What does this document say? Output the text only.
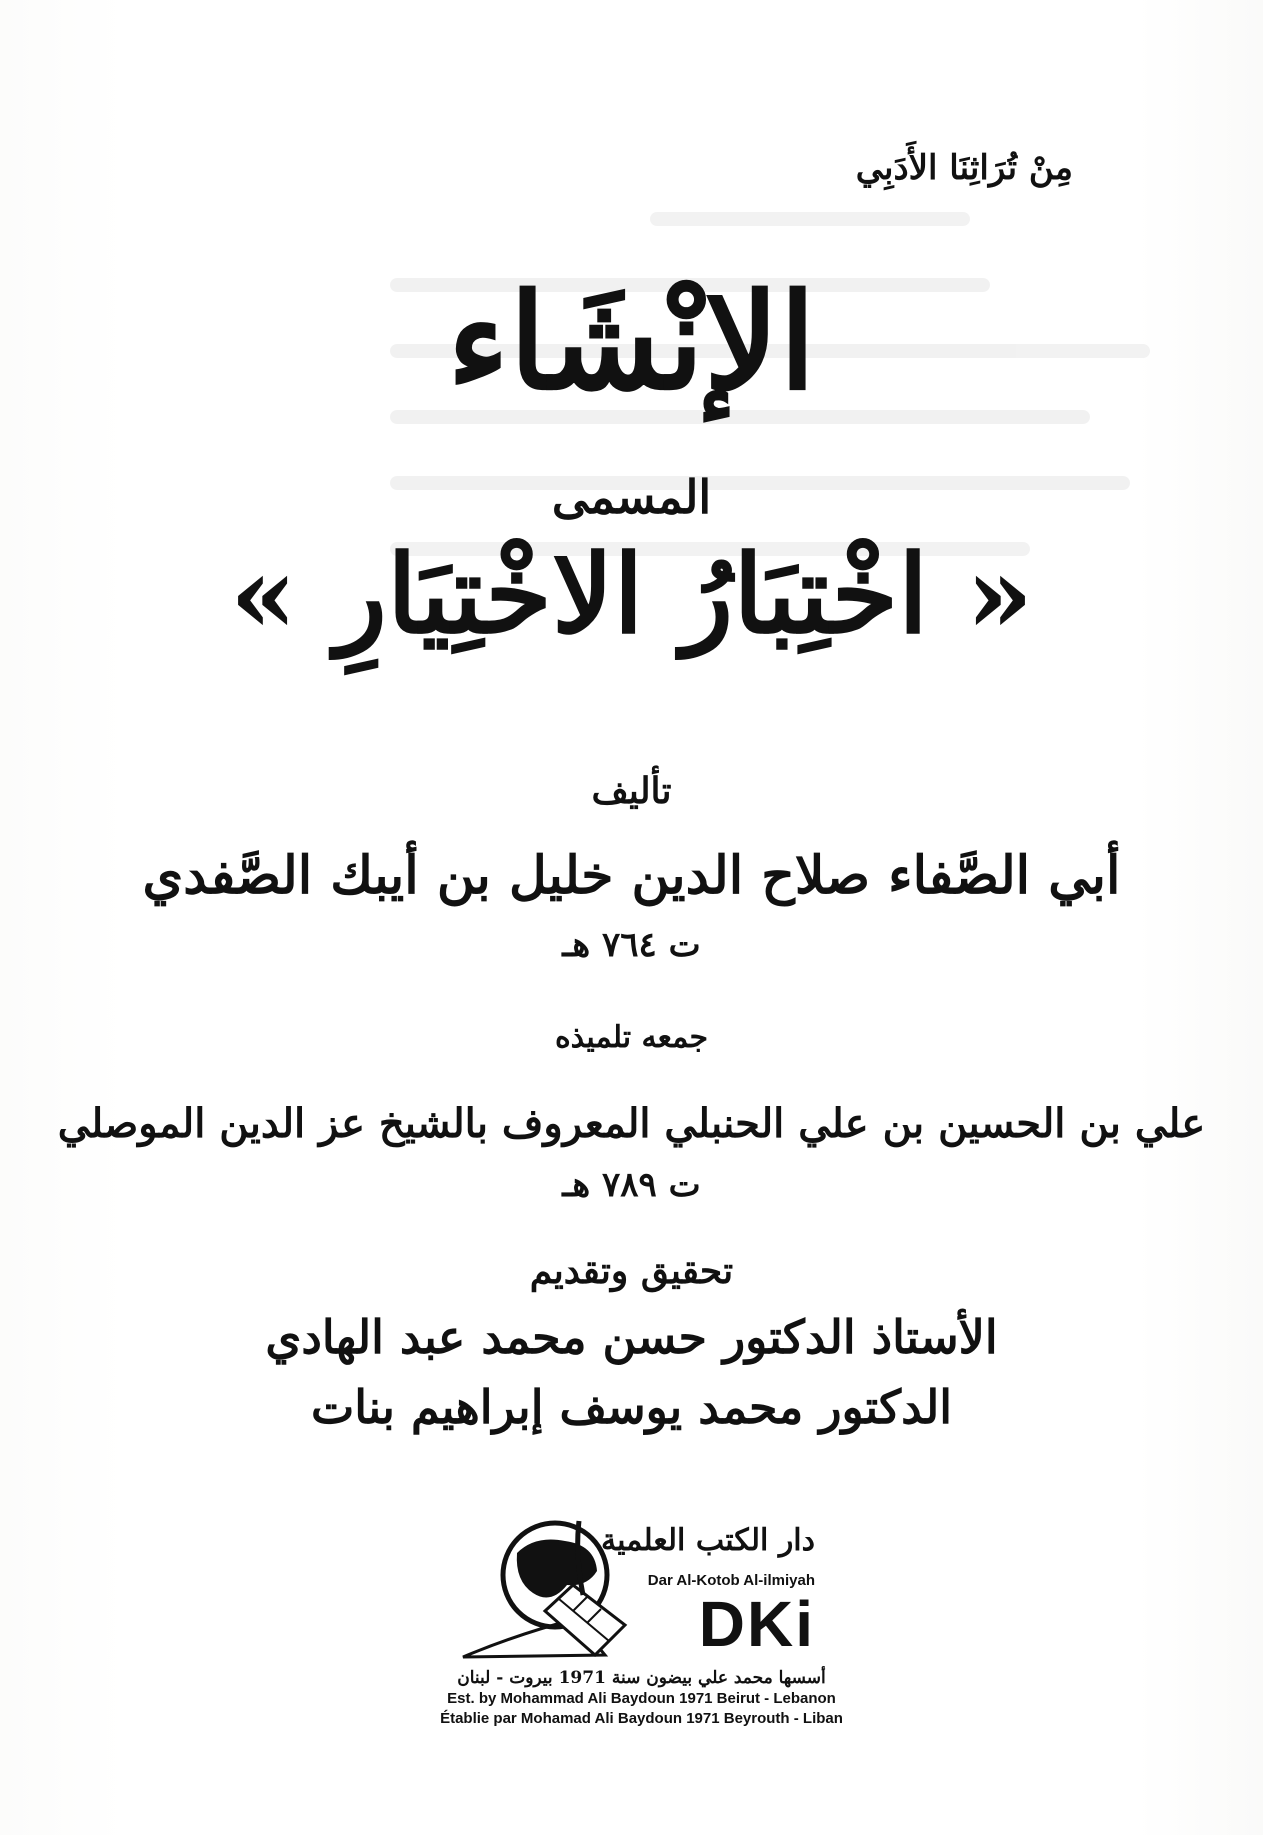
مِنْ تُرَاثِنَا الأَدَبِي
الإنْشَاء
المسمى
« اخْتِبَارُ الاخْتِيَارِ »
تأليف
أبي الصَّفاء صلاح الدين خليل بن أيبك الصَّفدي
ت ٧٦٤ هـ
جمعه تلميذه
علي بن الحسين بن علي الحنبلي المعروف بالشيخ عز الدين الموصلي
ت ٧٨٩ هـ
تحقيق وتقديم
الأستاذ الدكتور حسن محمد عبد الهادي
الدكتور محمد يوسف إبراهيم بنات
دار الكتب العلمية
Dar Al-Kotob Al-ilmiyah
DKi
أسسها محمد علي بيضون سنة 1971 بيروت - لبنان
Est. by Mohammad Ali Baydoun 1971 Beirut - Lebanon
Établie par Mohamad Ali Baydoun 1971 Beyrouth - Liban
